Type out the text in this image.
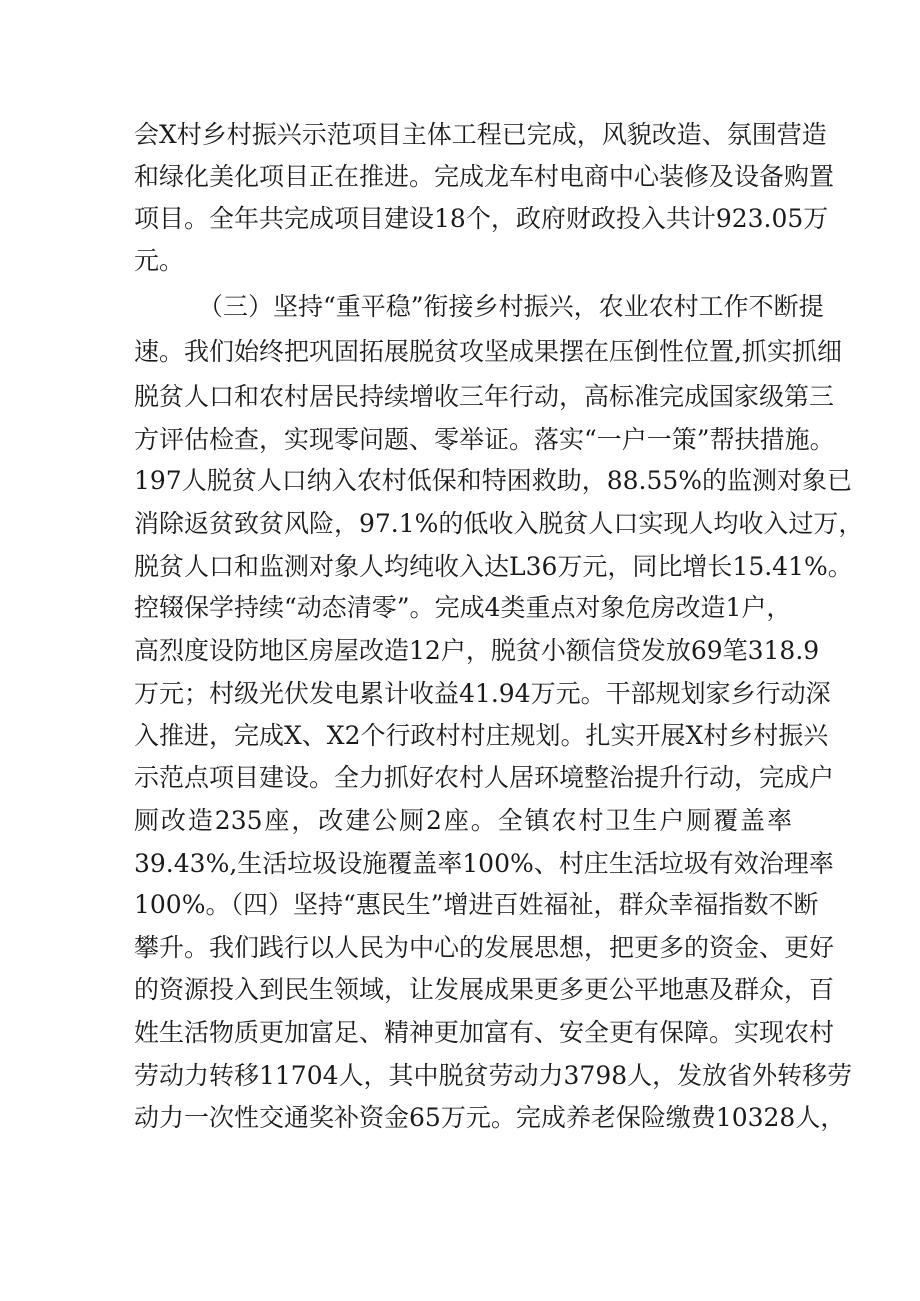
会X村乡村振兴示范项目主体工程已完成，风貌改造、氛围营造
和绿化美化项目正在推进。完成龙车村电商中心装修及设备购置
项目。全年共完成项目建设18个，政府财政投入共计923.05万
元。
（三）坚持“重平稳”衔接乡村振兴，农业农村工作不断提
速。我们始终把巩固拓展脱贫攻坚成果摆在压倒性位置,抓实抓细
脱贫人口和农村居民持续增收三年行动，高标准完成国家级第三
方评估检查，实现零问题、零举证。落实“一户一策”帮扶措施。
197人脱贫人口纳入农村低保和特困救助，88.55%的监测对象已
消除返贫致贫风险，97.1%的低收入脱贫人口实现人均收入过万，
脱贫人口和监测对象人均纯收入达L36万元，同比增长15.41%。
控辍保学持续“动态清零”。完成4类重点对象危房改造1户，
高烈度设防地区房屋改造12户，脱贫小额信贷发放69笔318.9
万元；村级光伏发电累计收益41.94万元。干部规划家乡行动深
入推进，完成X、X2个行政村村庄规划。扎实开展X村乡村振兴
示范点项目建设。全力抓好农村人居环境整治提升行动，完成户
厕改造235座，改建公厕2座。全镇农村卫生户厕覆盖率
39.43%,生活垃圾设施覆盖率100%、村庄生活垃圾有效治理率
100%。（四）坚持“惠民生”增进百姓福祉，群众幸福指数不断
攀升。我们践行以人民为中心的发展思想，把更多的资金、更好
的资源投入到民生领域，让发展成果更多更公平地惠及群众，百
姓生活物质更加富足、精神更加富有、安全更有保障。实现农村
劳动力转移11704人，其中脱贫劳动力3798人，发放省外转移劳
动力一次性交通奖补资金65万元。完成养老保险缴费10328人，
